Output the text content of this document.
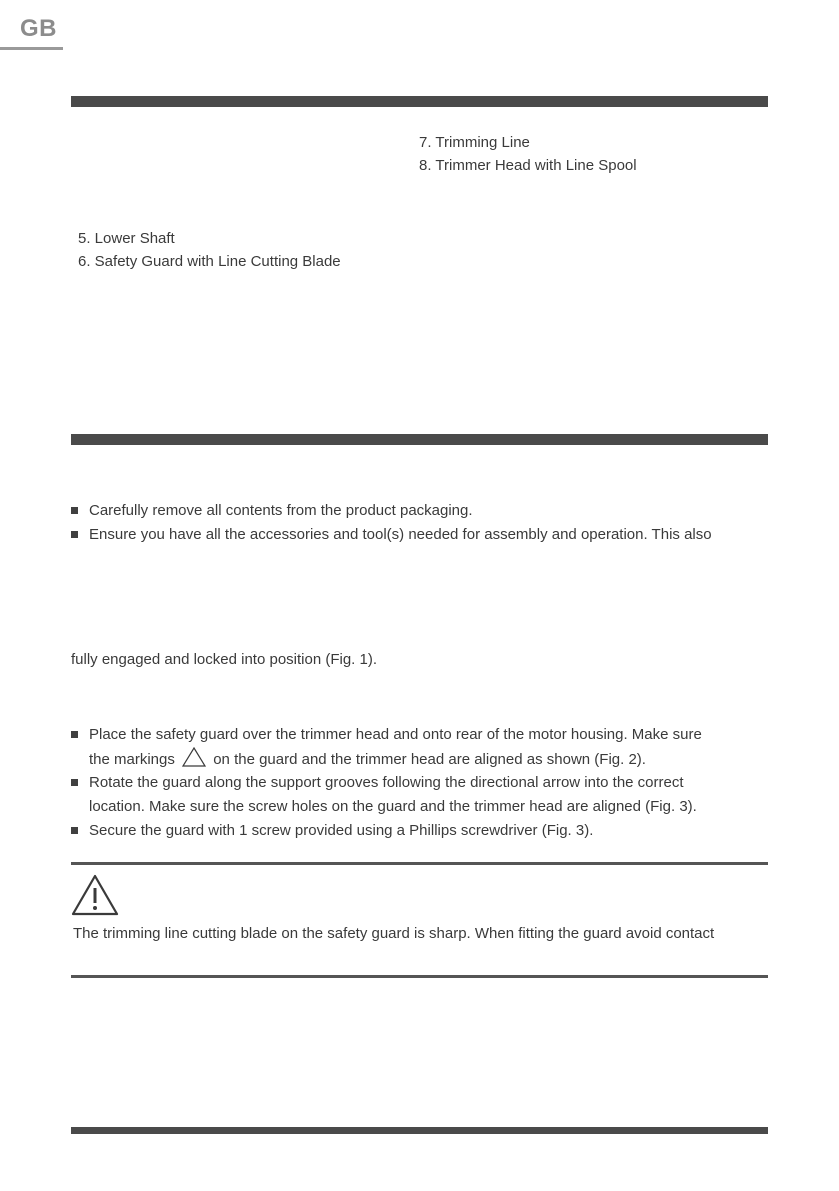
GB
7. Trimming Line
8. Trimmer Head with Line Spool
5. Lower Shaft
6. Safety Guard with Line Cutting Blade
Carefully remove all contents from the product packaging.
Ensure you have all the accessories and tool(s) needed for assembly and operation. This also
fully engaged and locked into position (Fig. 1).
Place the safety guard over the trimmer head and onto rear of the motor housing. Make sure
the markings	on the guard and the trimmer head are aligned as shown (Fig. 2).
Rotate the guard along the support grooves following the directional arrow into the correct
location. Make sure the screw holes on the guard and the trimmer head are aligned (Fig. 3).
Secure the guard with 1 screw provided using a Phillips screwdriver (Fig. 3).
The trimming line cutting blade on the safety guard is sharp. When fitting the guard avoid contact
